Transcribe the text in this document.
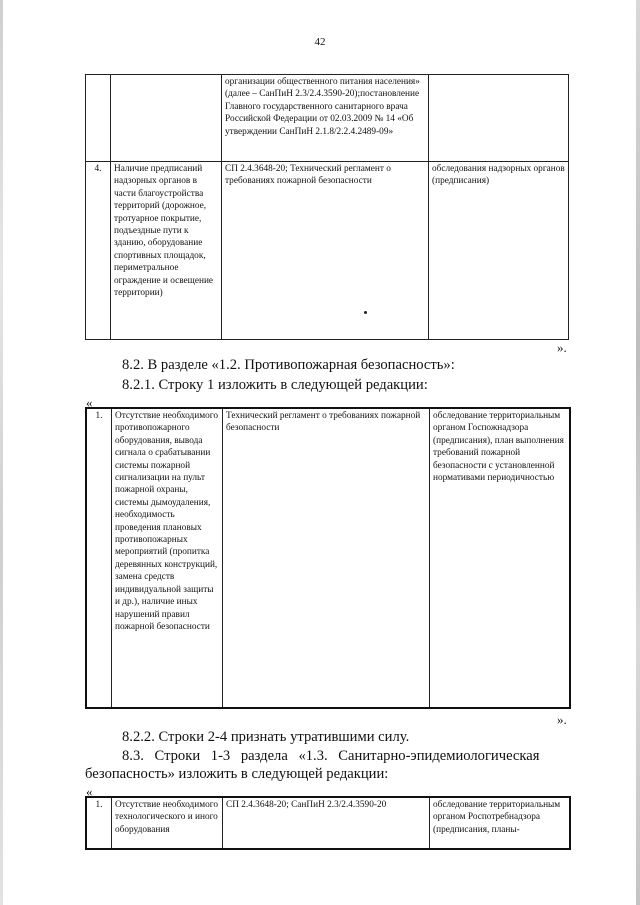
42
		организации общественного питания населения» (далее – СанПиН 2.3/2.4.3590-20);постановление Главного государственного санитарного врача Российской Федерации от 02.03.2009 № 14 «Об утверждении СанПиН 2.1.8/2.2.4.2489-09»	
4.	Наличие предписаний надзорных органов в части благоустройства территорий (дорожное, тротуарное покрытие, подъездные пути к зданию, оборудование спортивных площадок, периметральное ограждение и освещение территории)	СП 2.4.3648-20; Технический регламент о требованиях пожарной безопасности	обследования надзорных органов (предписания)
».
8.2. В разделе «1.2. Противопожарная безопасность»:
8.2.1. Строку 1 изложить в следующей редакции:
«
1.	Отсутствие необходимого противопожарного оборудования, вывода сигнала о срабатывании системы пожарной сигнализации на пульт пожарной охраны, системы дымоудаления, необходимость проведения плановых противопожарных мероприятий (пропитка деревянных конструкций, замена средств индивидуальной защиты и др.), наличие иных нарушений правил пожарной безопасности	Технический регламент о требованиях пожарной безопасности	обследование территориальным органом Госпожнадзора (предписания), план выполнения требований пожарной безопасности с установленной нормативами периодичностью
».
8.2.2. Строки 2-4 признать утратившими силу.
8.3. Строки 1-3 раздела «1.3. Санитарно-эпидемиологическая
безопасность» изложить в следующей редакции:
«
1.	Отсутствие необходимого технологического и иного оборудования	СП 2.4.3648-20; СанПиН 2.3/2.4.3590-20	обследование территориальным органом Роспотребнадзора (предписания, планы-
